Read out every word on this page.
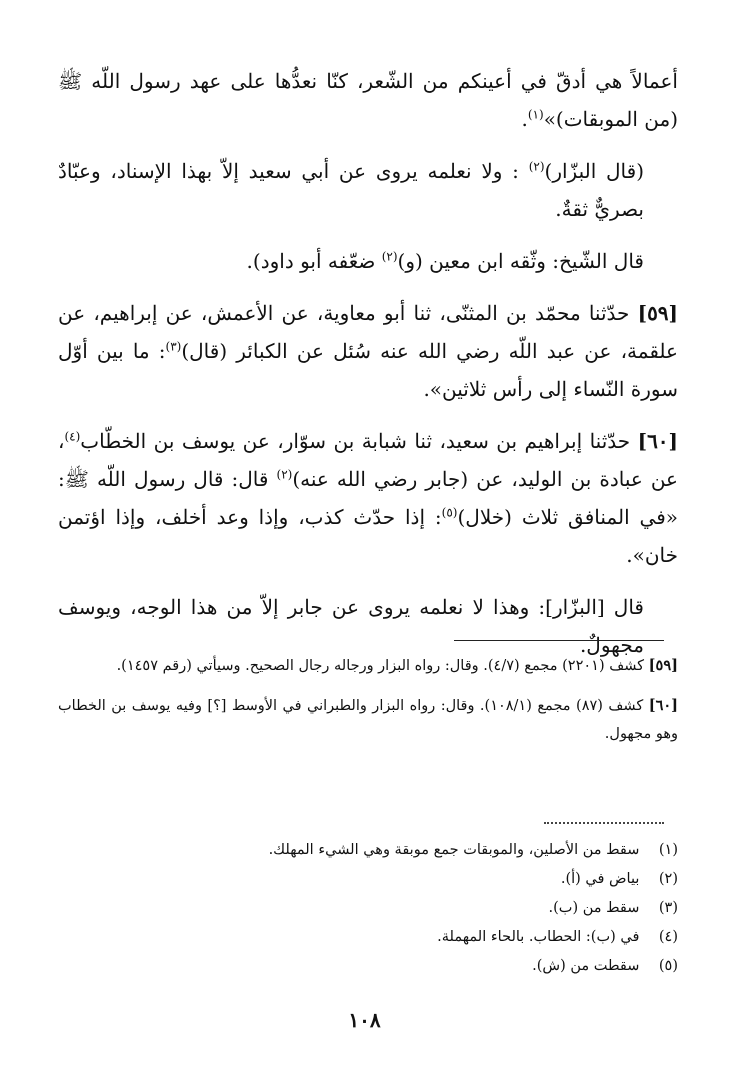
أعمالاً هي أدقّ في أعينكم من الشّعر، كنّا نعدُّها على عهد رسول اللّه ﷺ (من الموبقات)»$^{(١)}$.

(قال البزّار)$^{(٢)}$ : ولا نعلمه يروى عن أبي سعيد إلاّ بهذا الإسناد، وعبّادٌ بصريٌّ ثقةٌ.

قال الشّيخ: وثّقه ابن معين (و)$^{(٢)}$ ضعّفه أبو داود).

[٥٩] حدّثنا محمّد بن المثنّى، ثنا أبو معاوية، عن الأعمش، عن إبراهيم، عن علقمة، عن عبد اللّه رضي الله عنه سُئل عن الكبائر (قال)$^{(٣)}$: ما بين أوّل سورة النّساء إلى رأس ثلاثين».

[٦٠] حدّثنا إبراهيم بن سعيد، ثنا شبابة بن سوّار، عن يوسف بن الخطّاب$^{(٤)}$، عن عبادة بن الوليد، عن (جابر رضي الله عنه)$^{(٢)}$ قال: قال رسول اللّه ﷺ: «في المنافق ثلاث (خلال)$^{(٥)}$: إذا حدّث كذب، وإذا وعد أخلف، وإذا اؤتمن خان».

قال [البزّار]: وهذا لا نعلمه يروى عن جابر إلاّ من هذا الوجه، ويوسف مجهولٌ.

[٥٩] كشف (٢٢٠١) مجمع (٤/٧). وقال: رواه البزار ورجاله رجال الصحيح. وسيأتي (رقم ١٤٥٧).

[٦٠] كشف (٨٧) مجمع (١٠٨/١). وقال: رواه البزار والطبراني في الأوسط [؟] وفيه يوسف بن الخطاب وهو مجهول.

(١) سقط من الأصلين، والموبقات جمع موبقة وهي الشيء المهلك.
(٢) بياض في (أ).
(٣) سقط من (ب).
(٤) في (ب): الحطاب. بالحاء المهملة.
(٥) سقطت من (ش).
١٠٨
